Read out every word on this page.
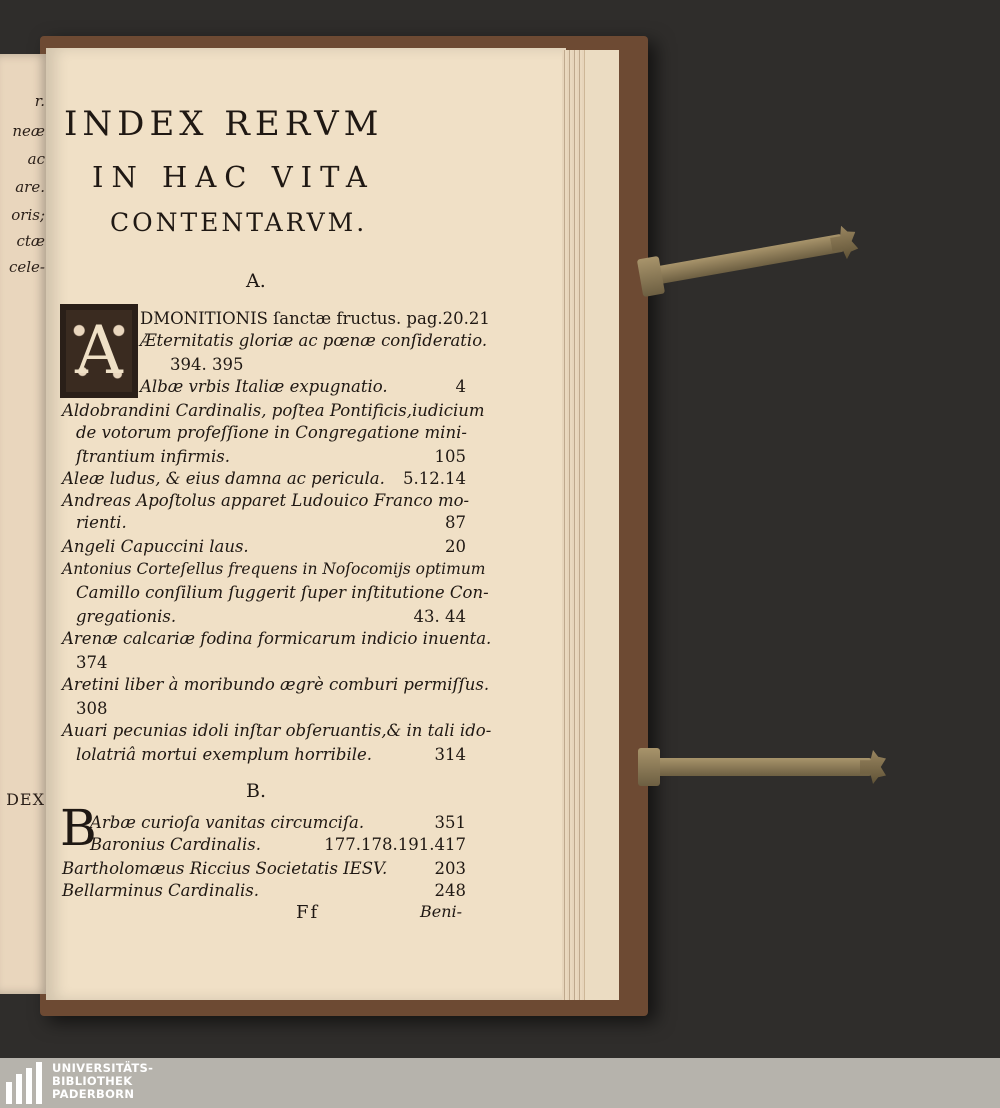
r.
neæ
ac
are.
oris;
ctæ
cele-
DEX
INDEX RERVM
IN HAC VITA
CONTENTARVM.
A.
A	DMONITIONIS ſanctæ fructus. pag.20.21
Æternitatis gloriæ ac pœnæ conſideratio.
394. 395
Albæ vrbis Italiæ expugnatio.	4
Aldobrandini Cardinalis, poſtea Pontificis,iudicium
de votorum profeſſione in Congregatione mini-
ſtrantium infirmis.	105
Aleæ ludus, & eius damna ac pericula. 5.12.14
Andreas Apoſtolus apparet Ludouico Franco mo-
rienti.	87
Angeli Capuccini laus.	20
Antonius Corteſellus frequens in Noſocomijs optimum
Camillo conſilium ſuggerit ſuper inſtitutione Con-
gregationis.	43. 44
Arenæ calcariæ fodina formicarum indicio inuenta.
374
Aretini liber à moribundo ægrè comburi permiſſus.
308
Auari pecunias idoli inſtar obſeruantis,& in tali ido-
lolatriâ mortui exemplum horribile.	314
B.
B
Arbæ curioſa vanitas circumciſa.	351
Baronius Cardinalis.	177.178.191.417
Bartholomæus Riccius Societatis IESV.	203
Bellarminus Cardinalis.	248
Ff	Beni-
UNIVERSITÄTS-
BIBLIOTHEK
PADERBORN
